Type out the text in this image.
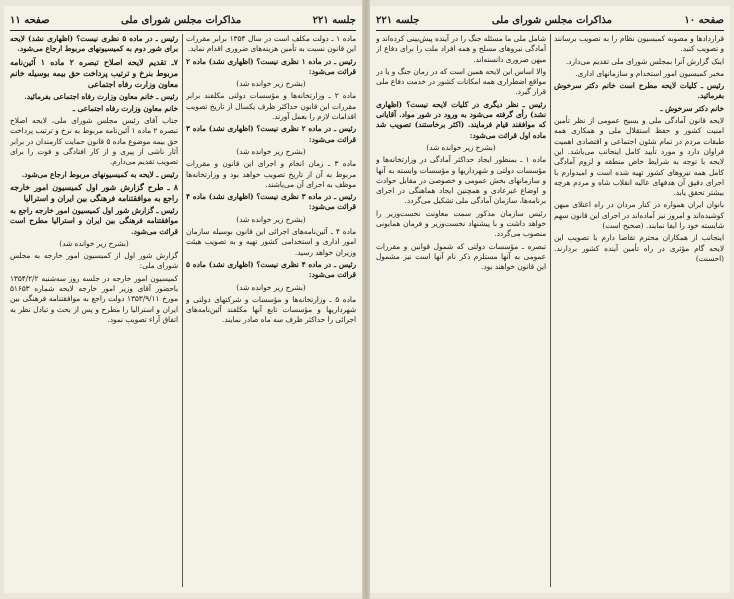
جلسه ۲۲۱
مذاکرات مجلس شورای ملی
صفحه ۱۱

ماده ۱ ـ دولت مکلف است در سال ۱۳۵۴ برابر مقررات این قانون نسبت به تأمین هزینه‌های ضروری اقدام نماید.

رئیس ـ در ماده ۱ نظری نیست؟ (اظهاری نشد) ماده ۲ قرائت می‌شود:

(بشرح زیر خوانده شد)

ماده ۲ ـ وزارتخانه‌ها و مؤسسات دولتی مکلفند برابر مقررات این قانون حداکثر ظرف یکسال از تاریخ تصویب اقدامات لازم را بعمل آورند.

رئیس ـ در ماده ۲ نظری نیست؟ (اظهاری نشد) ماده ۳ قرائت می‌شود:

(بشرح زیر خوانده شد)

ماده ۳ ـ زمان انجام و اجرای این قانون و مقررات مربوط به آن از تاریخ تصویب خواهد بود و وزارتخانه‌ها موظف به اجرای آن می‌باشند.

رئیس ـ در ماده ۳ نظری نیست؟ (اظهاری نشد) ماده ۴ قرائت می‌شود:

(بشرح زیر خوانده شد)

ماده ۴ ـ آئین‌نامه‌های اجرائی این قانون بوسیله سازمان امور اداری و استخدامی کشور تهیه و به تصویب هیئت وزیران خواهد رسید.

رئیس ـ در ماده ۴ نظری نیست؟ (اظهاری نشد) ماده ۵ قرائت می‌شود:

(بشرح زیر خوانده شد)

ماده ۵ ـ وزارتخانه‌ها و مؤسسات و شرکتهای دولتی و شهرداریها و مؤسسات تابع آنها مکلفند آئین‌نامه‌های اجرائی را حداکثر ظرف سه ماه صادر نمایند.

رئیس ـ در ماده ۵ نظری نیست؟ (اظهاری نشد) لایحه برای شور دوم به کمیسیونهای مربوط ارجاع می‌شود.

۷ـ تقدیم لایحه اصلاح تبصره ۲ ماده ۱ آئین‌نامه مربوط بنرخ و ترتیب پرداخت حق بیمه بوسیله خانم معاون وزارت رفاه اجتماعی

رئیس ـ خانم معاون وزارت رفاه اجتماعی بفرمائید.

خانم معاون وزارت رفاه اجتماعی ـ

جناب آقای رئیس مجلس شورای ملی، لایحه اصلاح تبصره ۲ ماده ۱ آئین‌نامه مربوط به نرخ و ترتیب پرداخت حق بیمه موضوع ماده ۵ قانون حمایت کارمندان در برابر آثار ناشی از پیری و از کار افتادگی و فوت را برای تصویب تقدیم می‌دارم.

رئیس ـ لایحه به کمیسیونهای مربوط ارجاع می‌شود.

۸ ـ طرح گزارش شور اول کمیسیون امور خارجه راجع به موافقتنامه فرهنگی بین ایران و استرالیا

رئیس ـ گزارش شور اول کمیسیون امور خارجه راجع به موافقتنامه فرهنگی بین ایران و استرالیا مطرح است قرائت می‌شود.

(بشرح زیر خوانده شد)

گزارش شور اول از کمیسیون امور خارجه به مجلس شورای ملی:

کمیسیون امور خارجه در جلسه روز سه‌شنبه ۱۳۵۴/۲/۲ باحضور آقای وزیر امور خارجه لایحه شماره ۵۱۶۵۳ مورخ ۱۳۵۳/۹/۱۱ دولت راجع به موافقتنامه فرهنگی بین ایران و استرالیا را مطرح و پس از بحث و تبادل نظر به اتفاق آراء تصویب نمود.

صفحه ۱۰
مذاکرات مجلس شورای ملی
جلسه ۲۲۱

قراردادها و مصوبه کمیسیون نظام را به تصویب برسانند و تصویب کنید.

اینک گزارش آنرا بمجلس شورای ملی تقدیم می‌دارد.

مخبر کمیسیون امور استخدام و سازمانهای اداری.

رئیس ـ کلیات لایحه مطرح است خانم دکتر سرخوش بفرمائید.

خانم دکتر سرخوش ـ

لایحه قانون آمادگی ملی و بسیج عمومی از نظر تأمین امنیت کشور و حفظ استقلال ملی و همکاری همه طبقات مردم در تمام شئون اجتماعی و اقتصادی اهمیت فراوان دارد و مورد تأیید کامل اینجانب می‌باشد. این لایحه با توجه به شرایط خاص منطقه و لزوم آمادگی کامل همه نیروهای کشور تهیه شده است و امیدوارم با اجرای دقیق آن هدفهای عالیه انقلاب شاه و مردم هرچه بیشتر تحقق یابد.

بانوان ایران همواره در کنار مردان در راه اعتلای میهن کوشیده‌اند و امروز نیز آماده‌اند در اجرای این قانون سهم شایسته خود را ایفا نمایند. (صحیح است)

اینجانب از همکاران محترم تقاضا دارم با تصویب این لایحه گام مؤثری در راه تأمین آینده کشور بردارند. (احسنت)

شامل ملی ما مسئله جنگ را در آینده پیش‌بینی کرده‌اند و آمادگی نیروهای مسلح و همه افراد ملت را برای دفاع از میهن ضروری دانسته‌اند.

والا اساس این لایحه همین است که در زمان جنگ و یا در مواقع اضطراری همه امکانات کشور در خدمت دفاع ملی قرار گیرد.

رئیس ـ نظر دیگری در کلیات لایحه نیست؟ (اظهاری نشد) رأی گرفته می‌شود به ورود در شور مواد. آقایانی که موافقند قیام فرمایند. (اکثر برخاستند) تصویب شد ماده اول قرائت می‌شود:

(بشرح زیر خوانده شد)

ماده ۱ ـ بمنظور ایجاد حداکثر آمادگی در وزارتخانه‌ها و مؤسسات دولتی و شهرداریها و مؤسسات وابسته به آنها و سازمانهای بخش عمومی و خصوصی در مقابل حوادث و اوضاع غیرعادی و همچنین ایجاد هماهنگی در اجرای برنامه‌ها، سازمان آمادگی ملی تشکیل می‌گردد.

رئیس سازمان مذکور سمت معاونت نخست‌وزیر را خواهد داشت و با پیشنهاد نخست‌وزیر و فرمان همایونی منصوب می‌گردد.

تبصره ـ مؤسسات دولتی که شمول قوانین و مقررات عمومی به آنها مستلزم ذکر نام آنها است نیز مشمول این قانون خواهند بود.
